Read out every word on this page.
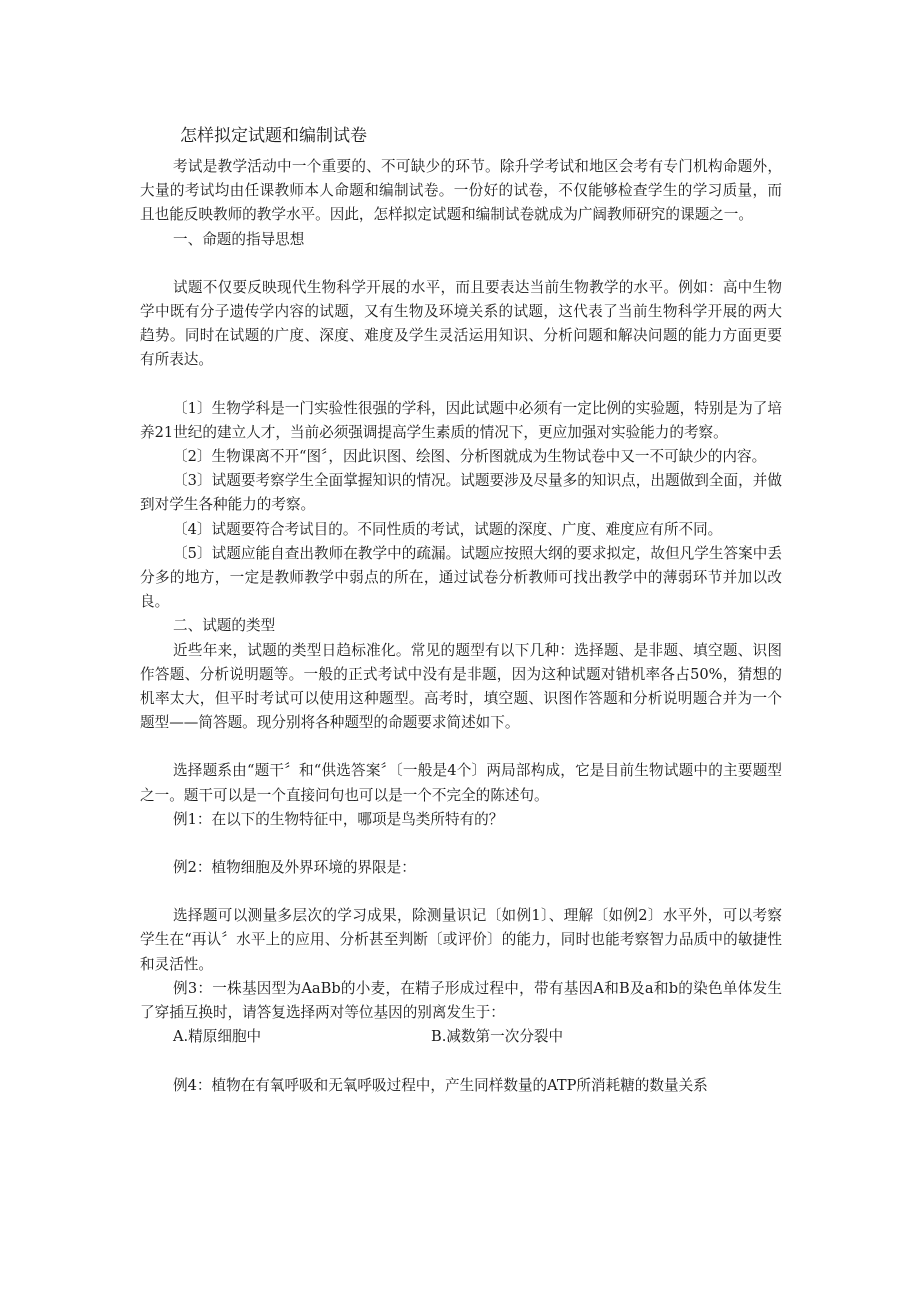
怎样拟定试题和编制试卷

考试是教学活动中一个重要的、不可缺少的环节。除升学考试和地区会考有专门机构命题外，大量的考试均由任课教师本人命题和编制试卷。一份好的试卷，不仅能够检查学生的学习质量，而且也能反映教师的教学水平。因此，怎样拟定试题和编制试卷就成为广阔教师研究的课题之一。

一、命题的指导思想

试题不仅要反映现代生物科学开展的水平，而且要表达当前生物教学的水平。例如：高中生物学中既有分子遗传学内容的试题，又有生物及环境关系的试题，这代表了当前生物科学开展的两大趋势。同时在试题的广度、深度、难度及学生灵活运用知识、分析问题和解决问题的能力方面更要有所表达。

〔1〕生物学科是一门实验性很强的学科，因此试题中必须有一定比例的实验题，特别是为了培养21世纪的建立人才，当前必须强调提高学生素质的情况下，更应加强对实验能力的考察。

〔2〕生物课离不开“图〞，因此识图、绘图、分析图就成为生物试卷中又一不可缺少的内容。

〔3〕试题要考察学生全面掌握知识的情况。试题要涉及尽量多的知识点，出题做到全面，并做到对学生各种能力的考察。

〔4〕试题要符合考试目的。不同性质的考试，试题的深度、广度、难度应有所不同。

〔5〕试题应能自查出教师在教学中的疏漏。试题应按照大纲的要求拟定，故但凡学生答案中丢分多的地方，一定是教师教学中弱点的所在，通过试卷分析教师可找出教学中的薄弱环节并加以改良。

二、试题的类型

近些年来，试题的类型日趋标准化。常见的题型有以下几种：选择题、是非题、填空题、识图作答题、分析说明题等。一般的正式考试中没有是非题，因为这种试题对错机率各占50%，猜想的机率太大，但平时考试可以使用这种题型。高考时，填空题、识图作答题和分析说明题合并为一个题型——简答题。现分别将各种题型的命题要求简述如下。

选择题系由“题干〞和“供选答案〞〔一般是4个〕两局部构成，它是目前生物试题中的主要题型之一。题干可以是一个直接问句也可以是一个不完全的陈述句。

例1：在以下的生物特征中，哪项是鸟类所特有的？

例2：植物细胞及外界环境的界限是：

选择题可以测量多层次的学习成果，除测量识记〔如例1〕、理解〔如例2〕水平外，可以考察学生在“再认〞水平上的应用、分析甚至判断〔或评价〕的能力，同时也能考察智力品质中的敏捷性和灵活性。

例3：一株基因型为AaBb的小麦，在精子形成过程中，带有基因A和B及a和b的染色单体发生了穿插互换时，请答复选择两对等位基因的别离发生于：

A.精原细胞中	B.减数第一次分裂中

例4：植物在有氧呼吸和无氧呼吸过程中，产生同样数量的ATP所消耗糖的数量关系
